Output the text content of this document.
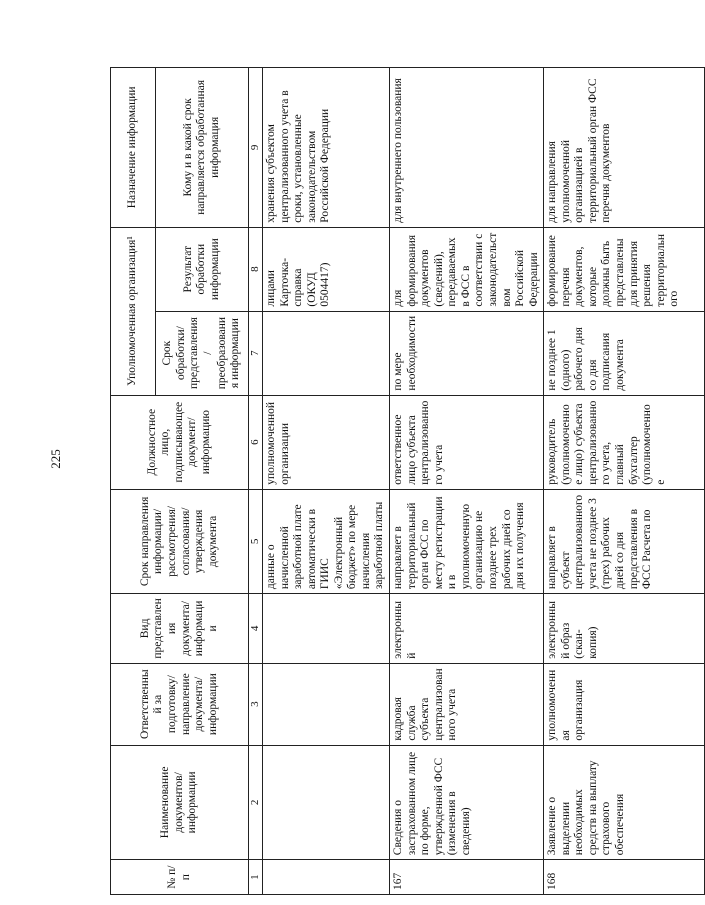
225
№ п/п	Наименование документов/ информации	Ответственный за подготовку/ направление документа/ информации	Вид представления документа/ информации	Срок направления информации/ рассмотрения/ согласования/ утверждения документа	Должностное лицо, подписывающее документ/ информацию	Уполномоченная организация¹		Назначение информации
						Срок обработки/ представления/ преобразования информации	Результат обработки информации	Кому и в какой срок направляется обработанная информация
1	2	3	4	5	6	7	8	9
				данные о начисленной заработной плате автоматически в ГИИС «Электронный бюджет» по мере начисления заработной платы	уполномоченной организации		лицами Карточка-справка (ОКУД 0504417)	хранения субъектом централизованного учета в сроки, установленные законодательством Российской Федерации
167	Сведения о застрахованном лице по форме, утвержденной ФСС (изменения в сведения)	кадровая служба субъекта централизованного учета	электронный	направляет в территориальный орган ФСС по месту регистрации и в уполномоченную организацию не позднее трех рабочих дней со дня их получения	ответственное лицо субъекта централизованного учета	по мере необходимости	для формирования документов (сведений), передаваемых в ФСС в соответствии с законодательством Российской Федерации	для внутреннего пользования
168	Заявление о выделении необходимых средств на выплату страхового обеспечения	уполномоченная организация	электронный образ (скан-копия)	направляет в субъект централизованного учета не позднее 3 (трех) рабочих дней со дня представления в ФСС Расчета по	руководитель (уполномоченное лицо) субъекта централизованного учета, главный бухгалтер (уполномоченное	не позднее 1 (одного) рабочего дня со дня подписания документа	формирование перечня документов, которые должны быть представлены для принятия решения территориального	для направления уполномоченной организацией в территориальный орган ФСС перечня документов
